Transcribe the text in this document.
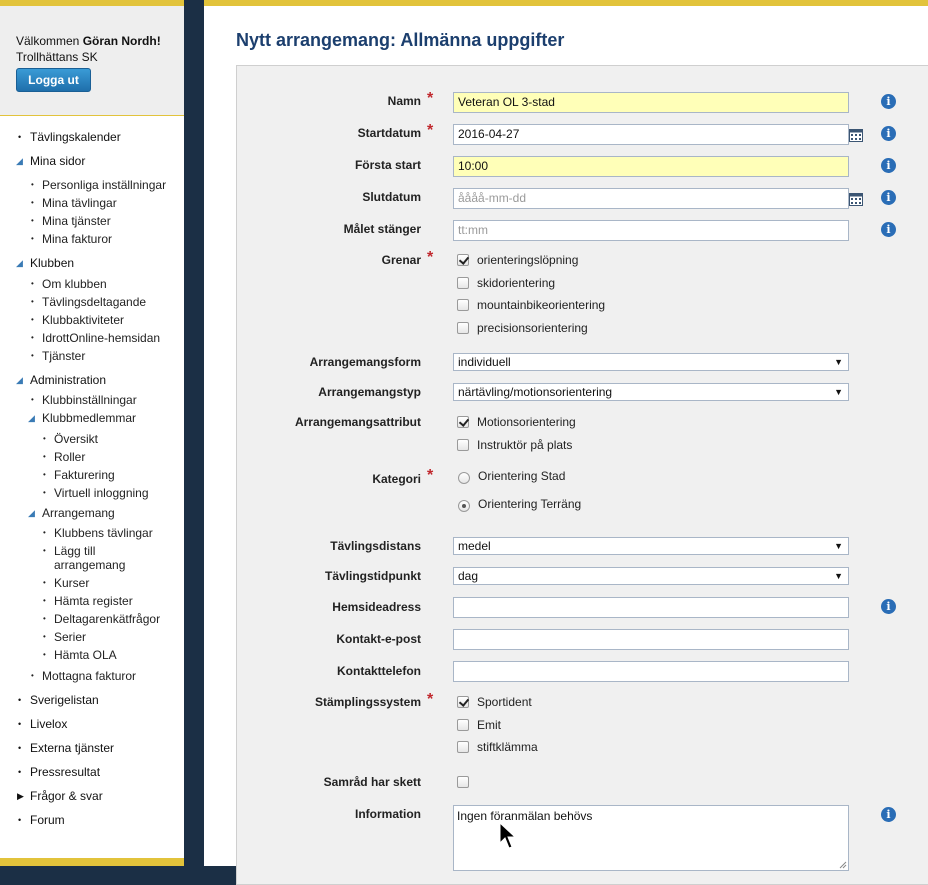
Välkommen Göran Nordh!
Trollhättans SK
Logga ut
• Tävlingskalender
◢ Mina sidor
• Personliga inställningar
• Mina tävlingar
• Mina tjänster
• Mina fakturor
◢ Klubben
• Om klubben
• Tävlingsdeltagande
• Klubbaktiviteter
• IdrottOnline-hemsidan
• Tjänster
◢ Administration
• Klubbinställningar
◢ Klubbmedlemmar
• Översikt
• Roller
• Fakturering
• Virtuell inloggning
◢ Arrangemang
• Klubbens tävlingar
• Lägg till
arrangemang
• Kurser
• Hämta register
• Deltagarenkätfrågor
• Serier
• Hämta OLA
• Mottagna fakturor
• Sverigelistan
• Livelox
• Externa tjänster
• Pressresultat
▶ Frågor & svar
• Forum
Nytt arrangemang: Allmänna uppgifter
Namn *	Veteran OL 3-stad	i
Startdatum *	2016-04-27	i
Första start	10:00	i
Slutdatum	åååå-mm-dd	i
Målet stänger	tt:mm	i
Grenar *	orienteringslöpning
skidorientering
mountainbikeorientering
precisionsorientering
Arrangemangsform	individuell	▼
Arrangemangstyp	närtävling/motionsorientering	▼
Arrangemangsattribut	Motionsorientering
Instruktör på plats
Kategori *	Orientering Stad
Orientering Terräng
Tävlingsdistans	medel	▼
Tävlingstidpunkt	dag	▼
Hemsideadress	i
Kontakt-e-post
Kontakttelefon
Stämplingssystem *	Sportident
Emit
stiftklämma
Samråd har skett
Information	Ingen föranmälan behövs	i
